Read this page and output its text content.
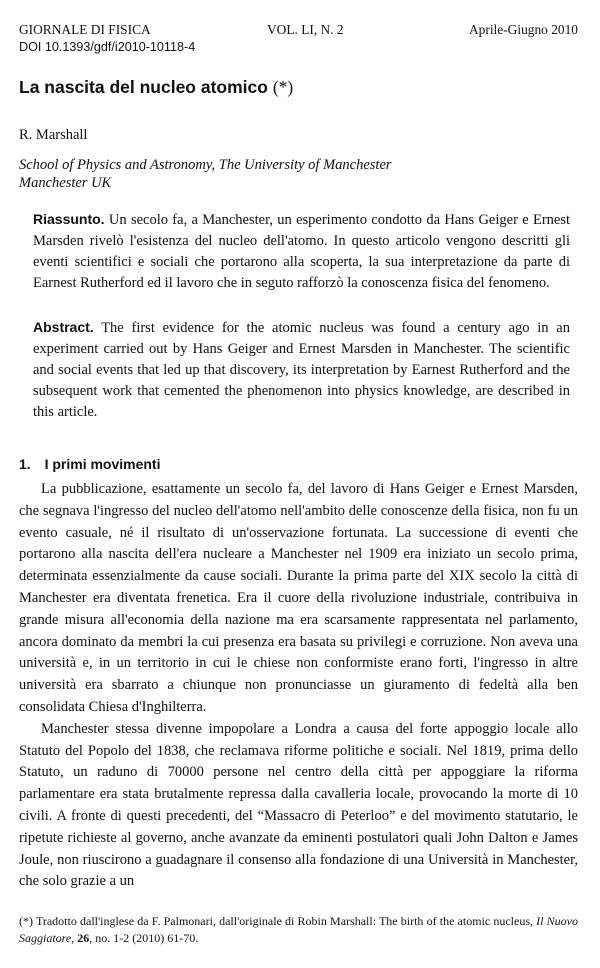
GIORNALE DI FISICA	VOL. LI, N. 2	Aprile-Giugno 2010
DOI 10.1393/gdf/i2010-10118-4
La nascita del nucleo atomico (*)
R. Marshall
School of Physics and Astronomy, The University of Manchester
Manchester UK
Riassunto. Un secolo fa, a Manchester, un esperimento condotto da Hans Geiger e Ernest Marsden rivelò l'esistenza del nucleo dell'atomo. In questo articolo vengono descritti gli eventi scientifici e sociali che portarono alla scoperta, la sua interpretazione da parte di Earnest Rutherford ed il lavoro che in seguto rafforzò la conoscenza fisica del fenomeno.
Abstract. The first evidence for the atomic nucleus was found a century ago in an experiment carried out by Hans Geiger and Ernest Marsden in Manchester. The scientific and social events that led up that discovery, its interpretation by Earnest Rutherford and the subsequent work that cemented the phenomenon into physics knowledge, are described in this article.
1. I primi movimenti

La pubblicazione, esattamente un secolo fa, del lavoro di Hans Geiger e Ernest Marsden, che segnava l'ingresso del nucleo dell'atomo nell'ambito delle conoscenze della fisica, non fu un evento casuale, né il risultato di un'osservazione fortunata. La successione di eventi che portarono alla nascita dell'era nucleare a Manchester nel 1909 era iniziato un secolo prima, determinata essenzialmente da cause sociali. Durante la prima parte del XIX secolo la città di Manchester era diventata frenetica. Era il cuore della rivoluzione industriale, contribuiva in grande misura all'economia della nazione ma era scarsamente rappresentata nel parlamento, ancora dominato da membri la cui presenza era basata su privilegi e corruzione. Non aveva una università e, in un territorio in cui le chiese non conformiste erano forti, l'ingresso in altre università era sbarrato a chiunque non pronunciasse un giuramento di fedeltà alla ben consolidata Chiesa d'Inghilterra.

Manchester stessa divenne impopolare a Londra a causa del forte appoggio locale allo Statuto del Popolo del 1838, che reclamava riforme politiche e sociali. Nel 1819, prima dello Statuto, un raduno di 70000 persone nel centro della città per appoggiare la riforma parlamentare era stata brutalmente repressa dalla cavalleria locale, provocando la morte di 10 civili. A fronte di questi precedenti, del “Massacro di Peterloo” e del movimento statutario, le ripetute richieste al governo, anche avanzate da eminenti postulatori quali John Dalton e James Joule, non riuscirono a guadagnare il consenso alla fondazione di una Università in Manchester, che solo grazie a un

(*) Tradotto dall'inglese da F. Palmonari, dall'originale di Robin Marshall: The birth of the atomic nucleus, Il Nuovo Saggiatore, 26, no. 1-2 (2010) 61-70.
